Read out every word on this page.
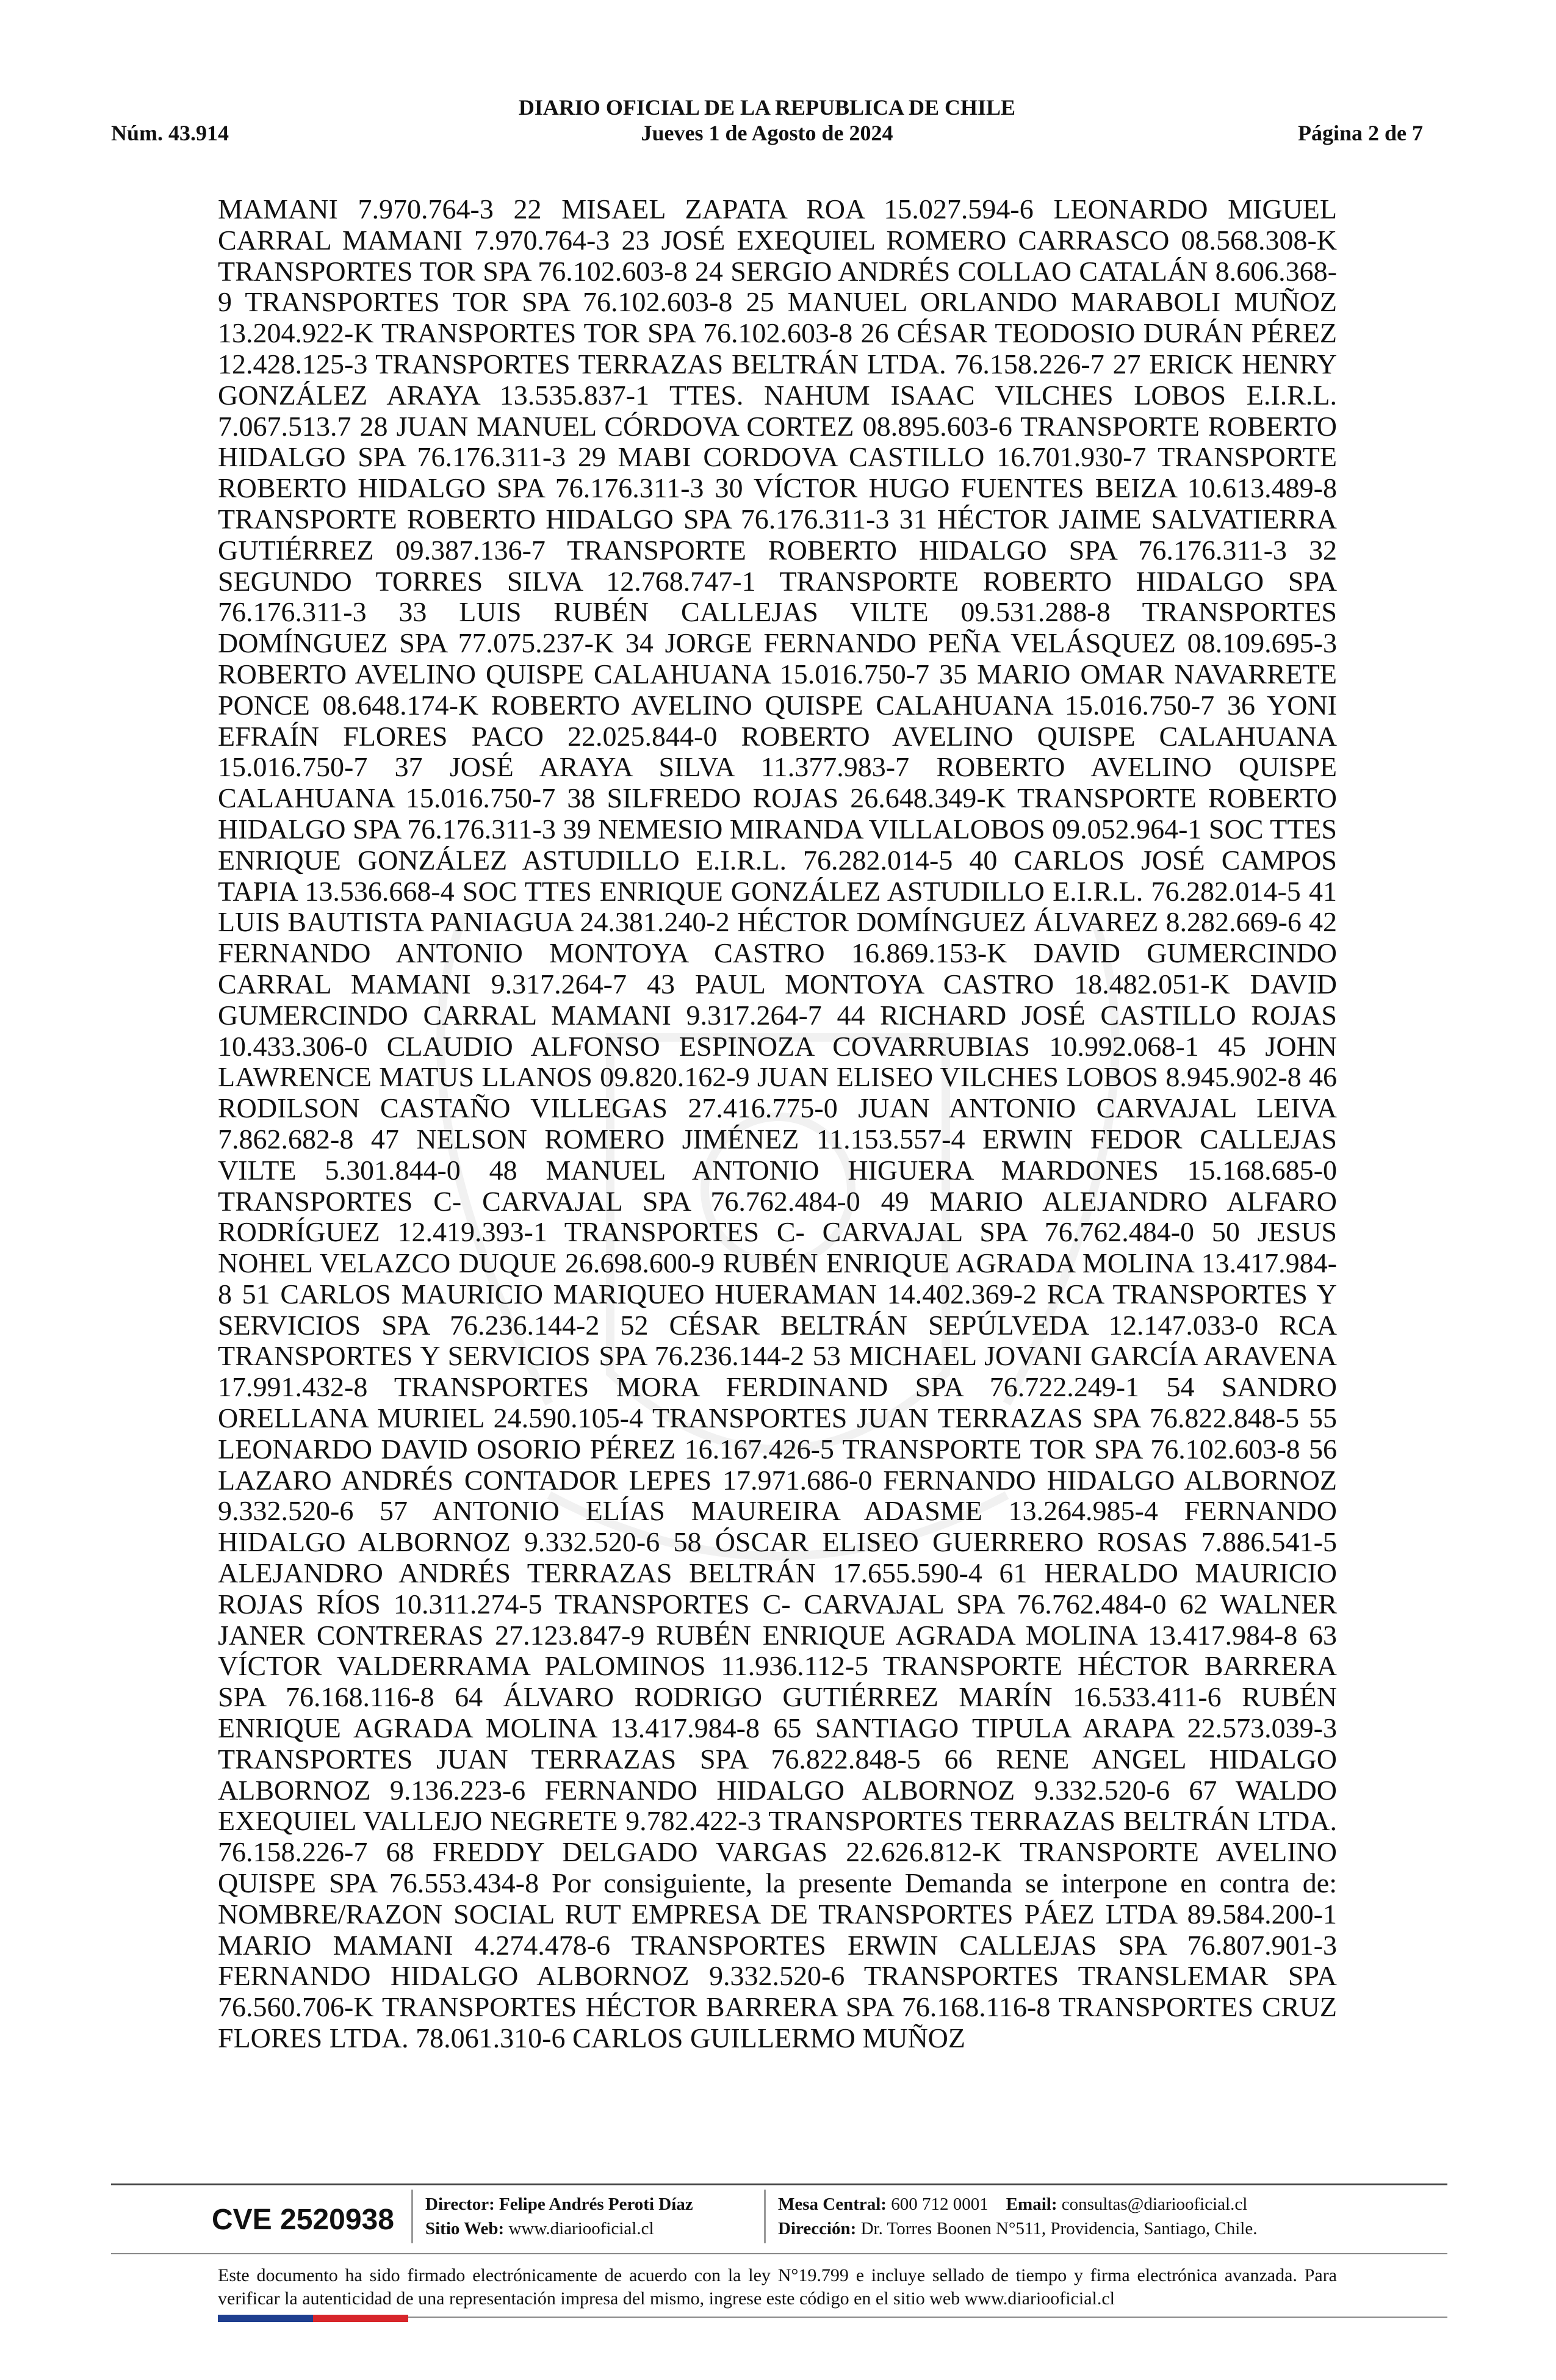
DIARIO OFICIAL DE LA REPUBLICA DE CHILE
Jueves 1 de Agosto de 2024
Núm. 43.914	Página 2 de 7
MAMANI 7.970.764-3 22 MISAEL ZAPATA ROA 15.027.594-6 LEONARDO MIGUEL CARRAL MAMANI 7.970.764-3 23 JOSÉ EXEQUIEL ROMERO CARRASCO 08.568.308-K TRANSPORTES TOR SPA 76.102.603-8 24 SERGIO ANDRÉS COLLAO CATALÁN 8.606.368-9 TRANSPORTES TOR SPA 76.102.603-8 25 MANUEL ORLANDO MARABOLI MUÑOZ 13.204.922-K TRANSPORTES TOR SPA 76.102.603-8 26 CÉSAR TEODOSIO DURÁN PÉREZ 12.428.125-3 TRANSPORTES TERRAZAS BELTRÁN LTDA. 76.158.226-7 27 ERICK HENRY GONZÁLEZ ARAYA 13.535.837-1 TTES. NAHUM ISAAC VILCHES LOBOS E.I.R.L. 7.067.513.7 28 JUAN MANUEL CÓRDOVA CORTEZ 08.895.603-6 TRANSPORTE ROBERTO HIDALGO SPA 76.176.311-3 29 MABI CORDOVA CASTILLO 16.701.930-7 TRANSPORTE ROBERTO HIDALGO SPA 76.176.311-3 30 VÍCTOR HUGO FUENTES BEIZA 10.613.489-8 TRANSPORTE ROBERTO HIDALGO SPA 76.176.311-3 31 HÉCTOR JAIME SALVATIERRA GUTIÉRREZ 09.387.136-7 TRANSPORTE ROBERTO HIDALGO SPA 76.176.311-3 32 SEGUNDO TORRES SILVA 12.768.747-1 TRANSPORTE ROBERTO HIDALGO SPA 76.176.311-3 33 LUIS RUBÉN CALLEJAS VILTE 09.531.288-8 TRANSPORTES DOMÍNGUEZ SPA 77.075.237-K 34 JORGE FERNANDO PEÑA VELÁSQUEZ 08.109.695-3 ROBERTO AVELINO QUISPE CALAHUANA 15.016.750-7 35 MARIO OMAR NAVARRETE PONCE 08.648.174-K ROBERTO AVELINO QUISPE CALAHUANA 15.016.750-7 36 YONI EFRAÍN FLORES PACO 22.025.844-0 ROBERTO AVELINO QUISPE CALAHUANA 15.016.750-7 37 JOSÉ ARAYA SILVA 11.377.983-7 ROBERTO AVELINO QUISPE CALAHUANA 15.016.750-7 38 SILFREDO ROJAS 26.648.349-K TRANSPORTE ROBERTO HIDALGO SPA 76.176.311-3 39 NEMESIO MIRANDA VILLALOBOS 09.052.964-1 SOC TTES ENRIQUE GONZÁLEZ ASTUDILLO E.I.R.L. 76.282.014-5 40 CARLOS JOSÉ CAMPOS TAPIA 13.536.668-4 SOC TTES ENRIQUE GONZÁLEZ ASTUDILLO E.I.R.L. 76.282.014-5 41 LUIS BAUTISTA PANIAGUA 24.381.240-2 HÉCTOR DOMÍNGUEZ ÁLVAREZ 8.282.669-6 42 FERNANDO ANTONIO MONTOYA CASTRO 16.869.153-K DAVID GUMERCINDO CARRAL MAMANI 9.317.264-7 43 PAUL MONTOYA CASTRO 18.482.051-K DAVID GUMERCINDO CARRAL MAMANI 9.317.264-7 44 RICHARD JOSÉ CASTILLO ROJAS 10.433.306-0 CLAUDIO ALFONSO ESPINOZA COVARRUBIAS 10.992.068-1 45 JOHN LAWRENCE MATUS LLANOS 09.820.162-9 JUAN ELISEO VILCHES LOBOS 8.945.902-8 46 RODILSON CASTAÑO VILLEGAS 27.416.775-0 JUAN ANTONIO CARVAJAL LEIVA 7.862.682-8 47 NELSON ROMERO JIMÉNEZ 11.153.557-4 ERWIN FEDOR CALLEJAS VILTE 5.301.844-0 48 MANUEL ANTONIO HIGUERA MARDONES 15.168.685-0 TRANSPORTES C- CARVAJAL SPA 76.762.484-0 49 MARIO ALEJANDRO ALFARO RODRÍGUEZ 12.419.393-1 TRANSPORTES C- CARVAJAL SPA 76.762.484-0 50 JESUS NOHEL VELAZCO DUQUE 26.698.600-9 RUBÉN ENRIQUE AGRADA MOLINA 13.417.984-8 51 CARLOS MAURICIO MARIQUEO HUERAMAN 14.402.369-2 RCA TRANSPORTES Y SERVICIOS SPA 76.236.144-2 52 CÉSAR BELTRÁN SEPÚLVEDA 12.147.033-0 RCA TRANSPORTES Y SERVICIOS SPA 76.236.144-2 53 MICHAEL JOVANI GARCÍA ARAVENA 17.991.432-8 TRANSPORTES MORA FERDINAND SPA 76.722.249-1 54 SANDRO ORELLANA MURIEL 24.590.105-4 TRANSPORTES JUAN TERRAZAS SPA 76.822.848-5 55 LEONARDO DAVID OSORIO PÉREZ 16.167.426-5 TRANSPORTE TOR SPA 76.102.603-8 56 LAZARO ANDRÉS CONTADOR LEPES 17.971.686-0 FERNANDO HIDALGO ALBORNOZ 9.332.520-6 57 ANTONIO ELÍAS MAUREIRA ADASME 13.264.985-4 FERNANDO HIDALGO ALBORNOZ 9.332.520-6 58 ÓSCAR ELISEO GUERRERO ROSAS 7.886.541-5 ALEJANDRO ANDRÉS TERRAZAS BELTRÁN 17.655.590-4 61 HERALDO MAURICIO ROJAS RÍOS 10.311.274-5 TRANSPORTES C- CARVAJAL SPA 76.762.484-0 62 WALNER JANER CONTRERAS 27.123.847-9 RUBÉN ENRIQUE AGRADA MOLINA 13.417.984-8 63 VÍCTOR VALDERRAMA PALOMINOS 11.936.112-5 TRANSPORTE HÉCTOR BARRERA SPA 76.168.116-8 64 ÁLVARO RODRIGO GUTIÉRREZ MARÍN 16.533.411-6 RUBÉN ENRIQUE AGRADA MOLINA 13.417.984-8 65 SANTIAGO TIPULA ARAPA 22.573.039-3 TRANSPORTES JUAN TERRAZAS SPA 76.822.848-5 66 RENE ANGEL HIDALGO ALBORNOZ 9.136.223-6 FERNANDO HIDALGO ALBORNOZ 9.332.520-6 67 WALDO EXEQUIEL VALLEJO NEGRETE 9.782.422-3 TRANSPORTES TERRAZAS BELTRÁN LTDA. 76.158.226-7 68 FREDDY DELGADO VARGAS 22.626.812-K TRANSPORTE AVELINO QUISPE SPA 76.553.434-8 Por consiguiente, la presente Demanda se interpone en contra de: NOMBRE/RAZON SOCIAL RUT EMPRESA DE TRANSPORTES PÁEZ LTDA 89.584.200-1 MARIO MAMANI 4.274.478-6 TRANSPORTES ERWIN CALLEJAS SPA 76.807.901-3 FERNANDO HIDALGO ALBORNOZ 9.332.520-6 TRANSPORTES TRANSLEMAR SPA 76.560.706-K TRANSPORTES HÉCTOR BARRERA SPA 76.168.116-8 TRANSPORTES CRUZ FLORES LTDA. 78.061.310-6 CARLOS GUILLERMO MUÑOZ
CVE 2520938 Director: Felipe Andrés Peroti Díaz
Sitio Web: www.diariooficial.cl
Mesa Central: 600 712 0001 Email: consultas@diariooficial.cl
Dirección: Dr. Torres Boonen N°511, Providencia, Santiago, Chile.
Este documento ha sido firmado electrónicamente de acuerdo con la ley N°19.799 e incluye sellado de tiempo y firma electrónica avanzada. Para verificar la autenticidad de una representación impresa del mismo, ingrese este código en el sitio web www.diariooficial.cl
